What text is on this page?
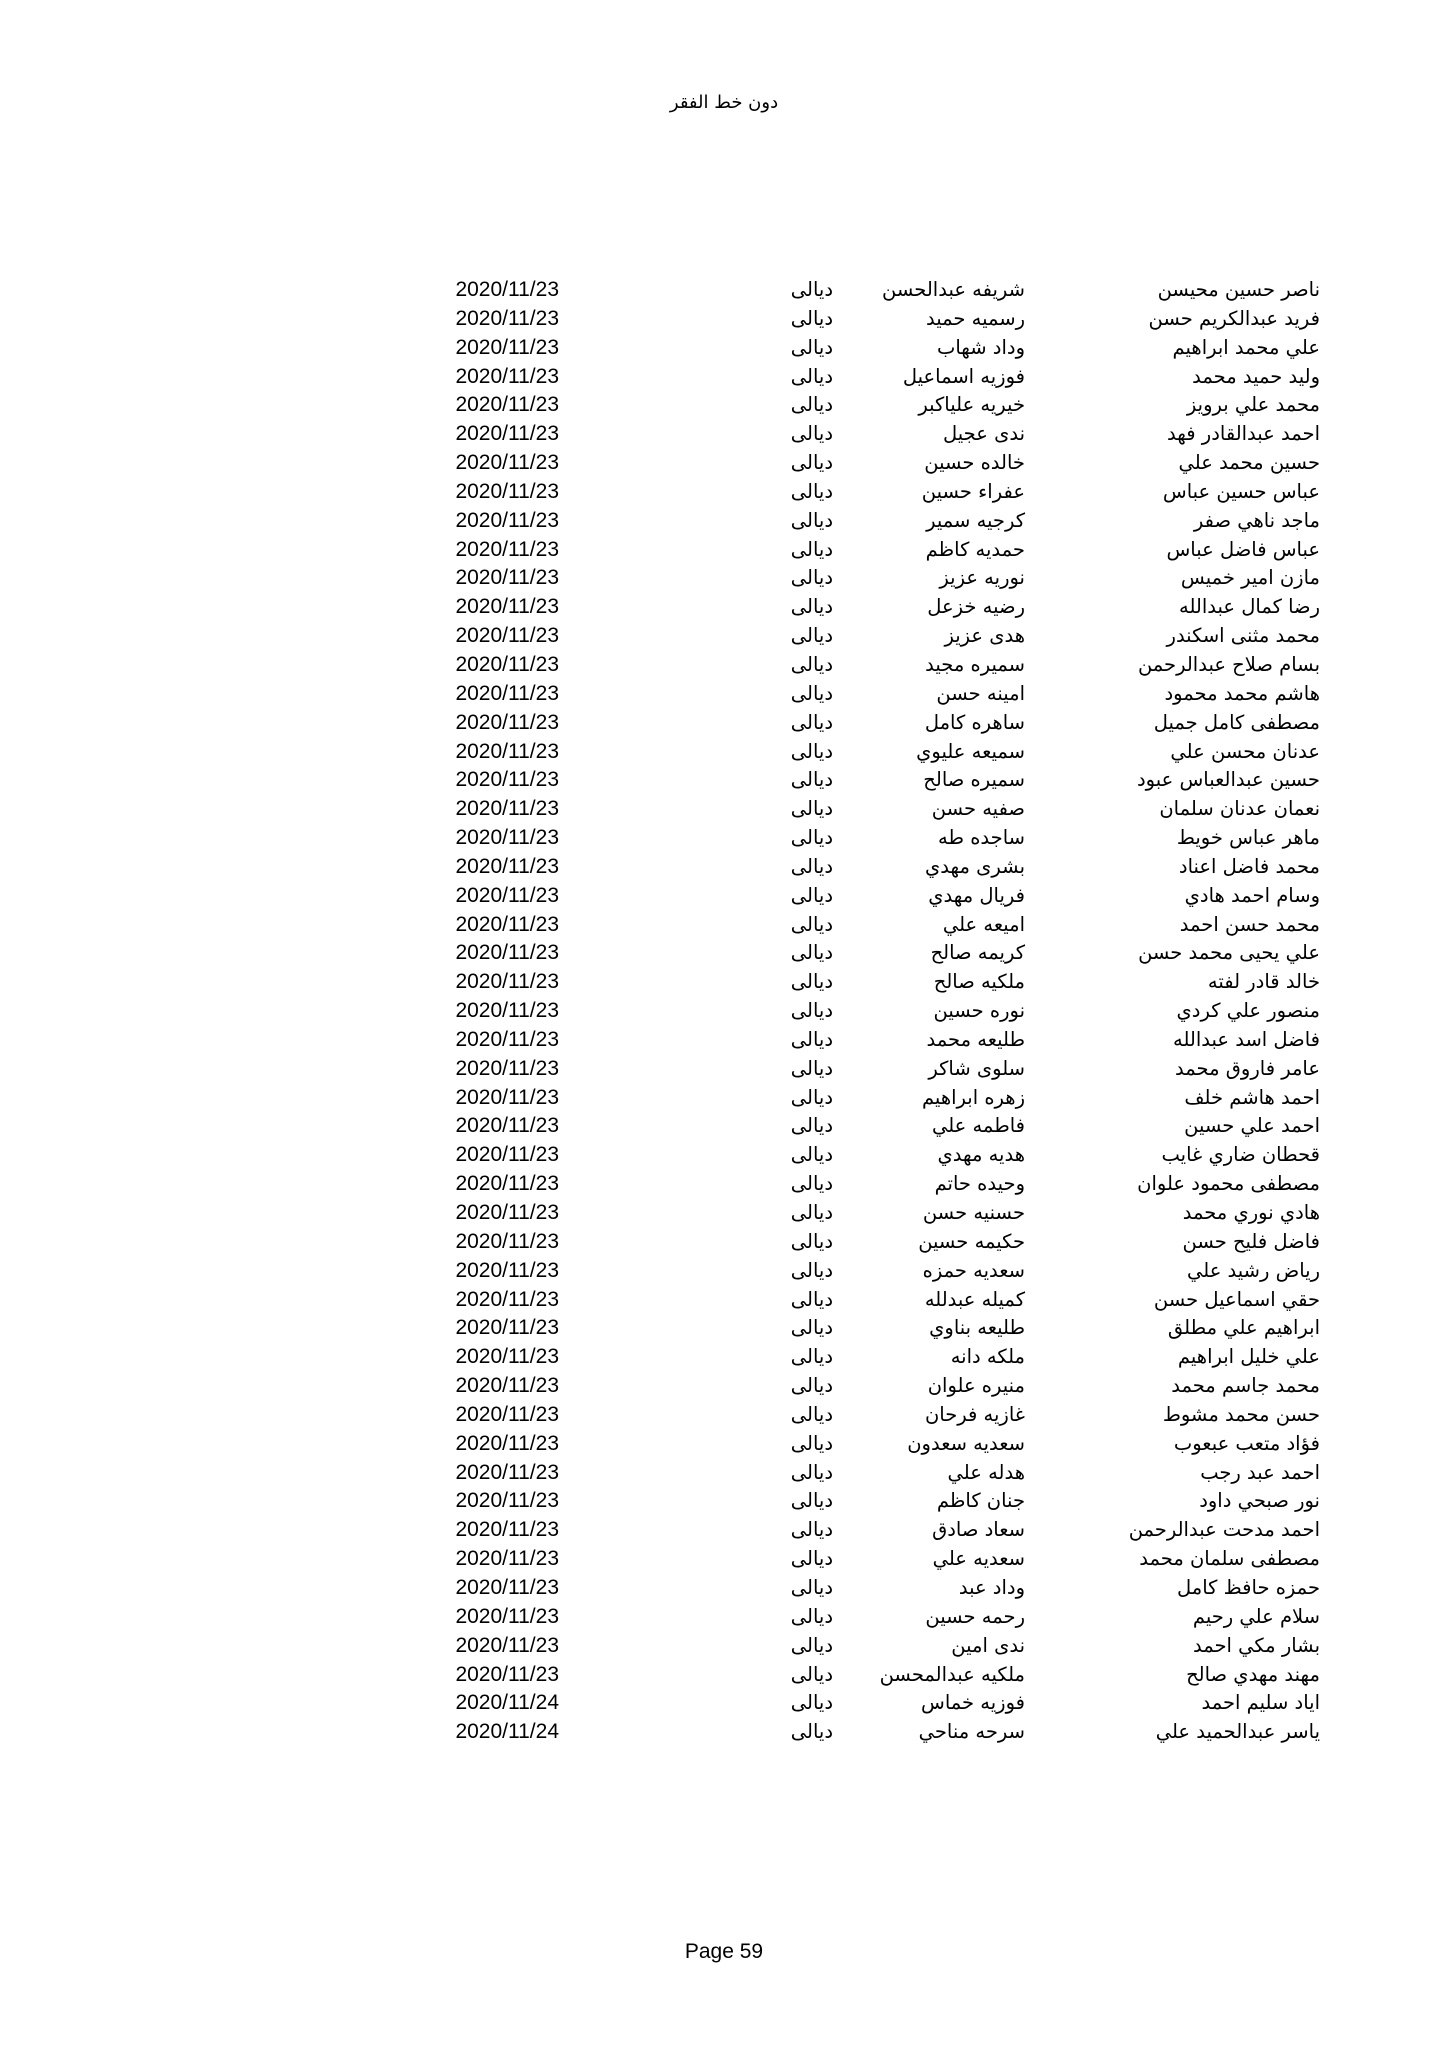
دون خط الفقر
ناصر حسين محيسن
شريفه عبدالحسن
ديالى
2020/11/23
فريد عبدالكريم حسن
رسميه حميد
ديالى
2020/11/23
علي محمد ابراهيم
وداد شهاب
ديالى
2020/11/23
وليد حميد محمد
فوزيه اسماعيل
ديالى
2020/11/23
محمد علي برويز
خيريه علياكبر
ديالى
2020/11/23
احمد عبدالقادر فهد
ندى عجيل
ديالى
2020/11/23
حسين محمد علي
خالده حسين
ديالى
2020/11/23
عباس حسين عباس
عفراء حسين
ديالى
2020/11/23
ماجد ناهي صفر
كرجيه سمير
ديالى
2020/11/23
عباس فاضل عباس
حمديه كاظم
ديالى
2020/11/23
مازن امير خميس
نوريه عزيز
ديالى
2020/11/23
رضا كمال عبدالله
رضيه خزعل
ديالى
2020/11/23
محمد مثنى اسكندر
هدى عزيز
ديالى
2020/11/23
بسام صلاح عبدالرحمن
سميره مجيد
ديالى
2020/11/23
هاشم محمد محمود
امينه حسن
ديالى
2020/11/23
مصطفى كامل جميل
ساهره كامل
ديالى
2020/11/23
عدنان محسن علي
سميعه عليوي
ديالى
2020/11/23
حسين عبدالعباس عبود
سميره صالح
ديالى
2020/11/23
نعمان عدنان سلمان
صفيه حسن
ديالى
2020/11/23
ماهر عباس خويط
ساجده طه
ديالى
2020/11/23
محمد فاضل اعناد
بشرى مهدي
ديالى
2020/11/23
وسام احمد هادي
فريال مهدي
ديالى
2020/11/23
محمد حسن احمد
اميعه علي
ديالى
2020/11/23
علي يحيى محمد حسن
كريمه صالح
ديالى
2020/11/23
خالد قادر لفته
ملكيه صالح
ديالى
2020/11/23
منصور علي كردي
نوره حسين
ديالى
2020/11/23
فاضل اسد عبدالله
طليعه محمد
ديالى
2020/11/23
عامر فاروق محمد
سلوى شاكر
ديالى
2020/11/23
احمد هاشم خلف
زهره ابراهيم
ديالى
2020/11/23
احمد علي حسين
فاطمه علي
ديالى
2020/11/23
قحطان ضاري غايب
هديه مهدي
ديالى
2020/11/23
مصطفى محمود علوان
وحيده حاتم
ديالى
2020/11/23
هادي نوري محمد
حسنيه حسن
ديالى
2020/11/23
فاضل فليح حسن
حكيمه حسين
ديالى
2020/11/23
رياض رشيد علي
سعديه حمزه
ديالى
2020/11/23
حقي اسماعيل حسن
كميله عبدلله
ديالى
2020/11/23
ابراهيم علي مطلق
طليعه بناوي
ديالى
2020/11/23
علي خليل ابراهيم
ملكه دانه
ديالى
2020/11/23
محمد جاسم محمد
منيره علوان
ديالى
2020/11/23
حسن محمد مشوط
غازيه فرحان
ديالى
2020/11/23
فؤاد متعب عبعوب
سعديه سعدون
ديالى
2020/11/23
احمد عبد رجب
هدله علي
ديالى
2020/11/23
نور صبحي داود
جنان كاظم
ديالى
2020/11/23
احمد مدحت عبدالرحمن
سعاد صادق
ديالى
2020/11/23
مصطفى سلمان محمد
سعديه علي
ديالى
2020/11/23
حمزه حافظ كامل
وداد عبد
ديالى
2020/11/23
سلام علي رحيم
رحمه حسين
ديالى
2020/11/23
بشار مكي احمد
ندى امين
ديالى
2020/11/23
مهند مهدي صالح
ملكيه عبدالمحسن
ديالى
2020/11/23
اياد سليم احمد
فوزيه خماس
ديالى
2020/11/24
ياسر عبدالحميد علي
سرحه مناحي
ديالى
2020/11/24
Page 59
